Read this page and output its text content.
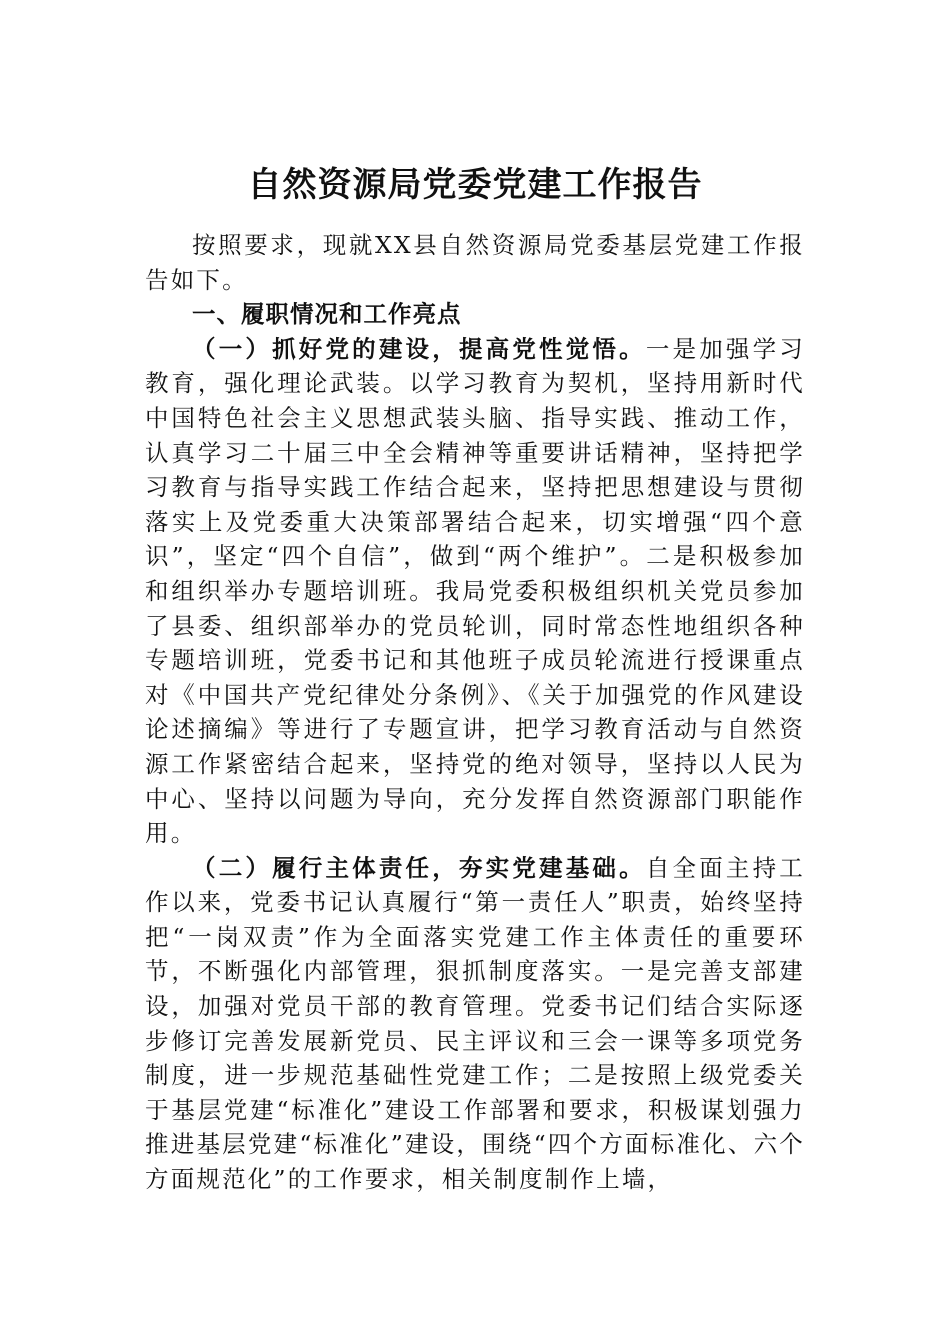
自然资源局党委党建工作报告

按照要求，现就XX县自然资源局党委基层党建工作报告如下。

一、履职情况和工作亮点

（一）抓好党的建设，提高党性觉悟。一是加强学习教育，强化理论武装。以学习教育为契机，坚持用新时代中国特色社会主义思想武装头脑、指导实践、推动工作，认真学习二十届三中全会精神等重要讲话精神，坚持把学习教育与指导实践工作结合起来，坚持把思想建设与贯彻落实上及党委重大决策部署结合起来，切实增强“四个意识”，坚定“四个自信”，做到“两个维护”。二是积极参加和组织举办专题培训班。我局党委积极组织机关党员参加了县委、组织部举办的党员轮训，同时常态性地组织各种专题培训班，党委书记和其他班子成员轮流进行授课重点对《中国共产党纪律处分条例》、《关于加强党的作风建设论述摘编》等进行了专题宣讲，把学习教育活动与自然资源工作紧密结合起来，坚持党的绝对领导，坚持以人民为中心、坚持以问题为导向，充分发挥自然资源部门职能作用。

（二）履行主体责任，夯实党建基础。自全面主持工作以来，党委书记认真履行“第一责任人”职责，始终坚持把“一岗双责”作为全面落实党建工作主体责任的重要环节，不断强化内部管理，狠抓制度落实。一是完善支部建设，加强对党员干部的教育管理。党委书记们结合实际逐步修订完善发展新党员、民主评议和三会一课等多项党务制度，进一步规范基础性党建工作；二是按照上级党委关于基层党建“标准化”建设工作部署和要求，积极谋划强力推进基层党建“标准化”建设，围绕“四个方面标准化、六个方面规范化”的工作要求，相关制度制作上墙，
